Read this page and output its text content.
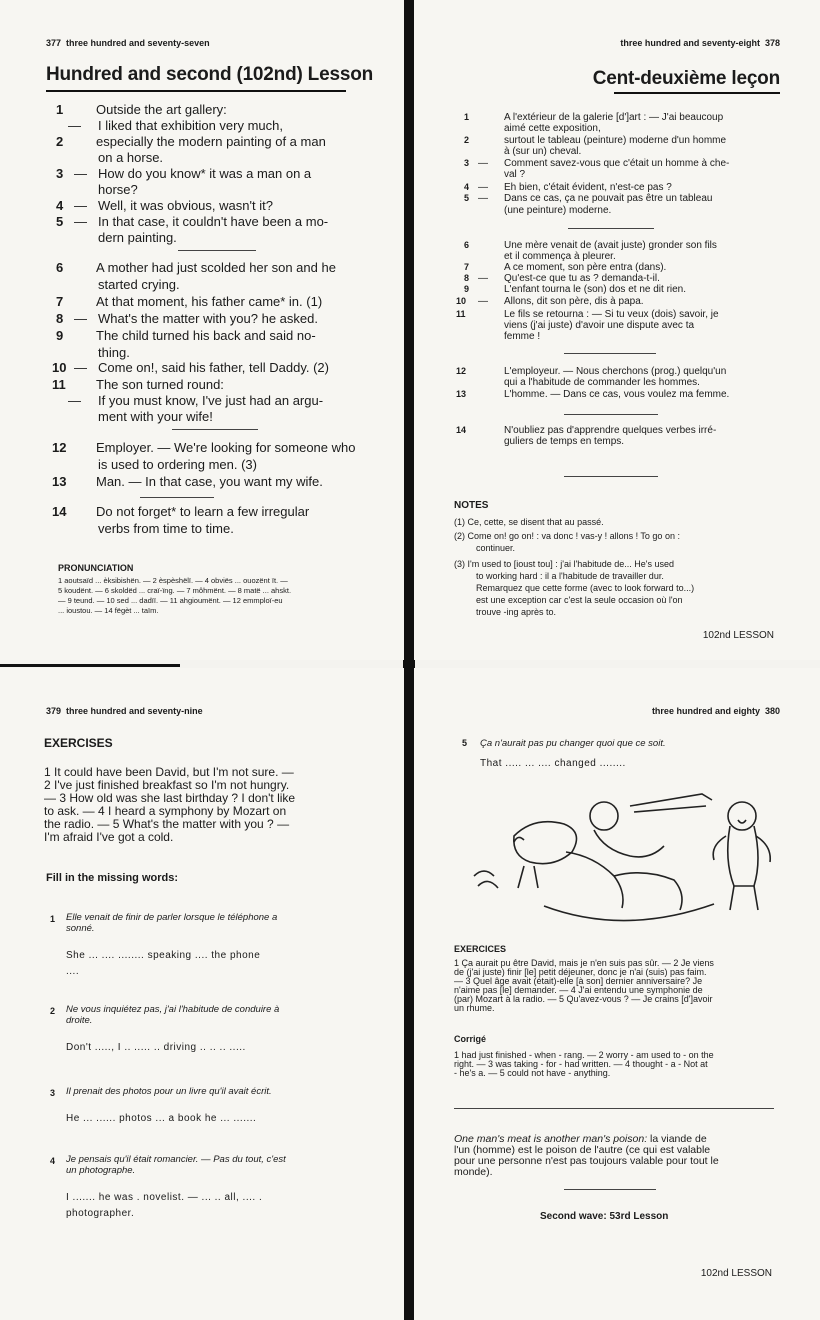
377 three hundred and seventy-seven
Hundred and second (102nd) Lesson
1	Outside the art gallery:
— I liked that exhibition very much,
2	especially the modern painting of a man
on a horse.
3 — How do you know* it was a man on a
horse?
4 — Well, it was obvious, wasn't it?
5 — In that case, it couldn't have been a mo-
dern painting.
6	A mother had just scolded her son and he
started crying.
7	At that moment, his father came* in. (1)
8 — What's the matter with you? he asked.
9	The child turned his back and said no-
thing.
10 — Come on!, said his father, tell Daddy. (2)
11 The son turned round:
— If you must know, I've just had an argu-
ment with your wife!
12 Employer. — We're looking for someone who
is used to ordering men. (3)
13 Man. — In that case, you want my wife.
14 Do not forget* to learn a few irregular
verbs from time to time.
PRONUNCIATION
1 aoutsaïd ... èksibishën. — 2 èspèshëlï. — 4 obviës ... ouozënt ït. —
5 koudënt. — 6 skoldëd ... craï-ïng. — 7 môhmënt. — 8 matë ... ahskt.
— 9 teund. — 10 sed ... dadïï. — 11 ahgioumënt. — 12 emmploï-eu
... ioustou. — 14 fëgèt ... taïm.
three hundred and seventy-eight 378
Cent-deuxième leçon
1	A l'extérieur de la galerie [d']art : — J'ai beaucoup
aimé cette exposition,
2	surtout le tableau (peinture) moderne d'un homme
à (sur un) cheval.
3 — Comment savez-vous que c'était un homme à che-
val ?
4 — Eh bien, c'était évident, n'est-ce pas ?
5 — Dans ce cas, ça ne pouvait pas être un tableau
(une peinture) moderne.
6	Une mère venait de (avait juste) gronder son fils
et il commença à pleurer.
7	A ce moment, son père entra (dans).
8 — Qu'est-ce que tu as ? demanda-t-il.
9	L'enfant tourna le (son) dos et ne dit rien.
10 — Allons, dit son père, dis à papa.
11	Le fils se retourna : — Si tu veux (dois) savoir, je
viens (j'ai juste) d'avoir une dispute avec ta
femme !
12	L'employeur. — Nous cherchons (prog.) quelqu'un
qui a l'habitude de commander les hommes.
13	L'homme. — Dans ce cas, vous voulez ma femme.
14	N'oubliez pas d'apprendre quelques verbes irré-
guliers de temps en temps.
NOTES
(1) Ce, cette, se disent that au passé.
(2) Come on! go on! : va donc ! vas-y ! allons ! To go on :
continuer.
(3) I'm used to [ioust tou] : j'ai l'habitude de... He's used
to working hard : il a l'habitude de travailler dur.
Remarquez que cette forme (avec to look forward to...)
est une exception car c'est la seule occasion où l'on
trouve -ing après to.
102nd LESSON
379 three hundred and seventy-nine
EXERCISES
1 It could have been David, but I'm not sure. —
2 I've just finished breakfast so I'm not hungry.
— 3 How old was she last birthday ? I don't like
to ask. — 4 I heard a symphony by Mozart on
the radio. — 5 What's the matter with you ? —
I'm afraid I've got a cold.
Fill in the missing words:
1 Elle venait de finir de parler lorsque le téléphone a
sonné.
She ... .... ........ speaking .... the phone
....
2 Ne vous inquiétez pas, j'ai l'habitude de conduire à
droite.
Don't ....., I .. ..... .. driving .. .. .. .....
3 Il prenait des photos pour un livre qu'il avait écrit.
He ... ...... photos ... a book he ... .......
4 Je pensais qu'il était romancier. — Pas du tout, c'est
un photographe.
I ....... he was . novelist. — ... .. all, .... .
photographer.
three hundred and eighty 380
5 Ça n'aurait pas pu changer quoi que ce soit.
That ..... ... .... changed ........
EXERCICES
1 Ça aurait pu être David, mais je n'en suis pas sûr. — 2 Je viens
de (j'ai juste) finir [le] petit déjeuner, donc je n'ai (suis) pas faim.
— 3 Quel âge avait (était)-elle [à son] dernier anniversaire? Je
n'aime pas [le] demander. — 4 J'ai entendu une symphonie de
(par) Mozart à la radio. — 5 Qu'avez-vous ? — Je crains [d']avoir
un rhume.
Corrigé
1 had just finished - when - rang. — 2 worry - am used to - on the
right. — 3 was taking - for - had written. — 4 thought - a - Not at
- he's a. — 5 could not have - anything.
One man's meat is another man's poison: la viande de
l'un (homme) est le poison de l'autre (ce qui est valable
pour une personne n'est pas toujours valable pour tout le
monde).
Second wave: 53rd Lesson
102nd LESSON
